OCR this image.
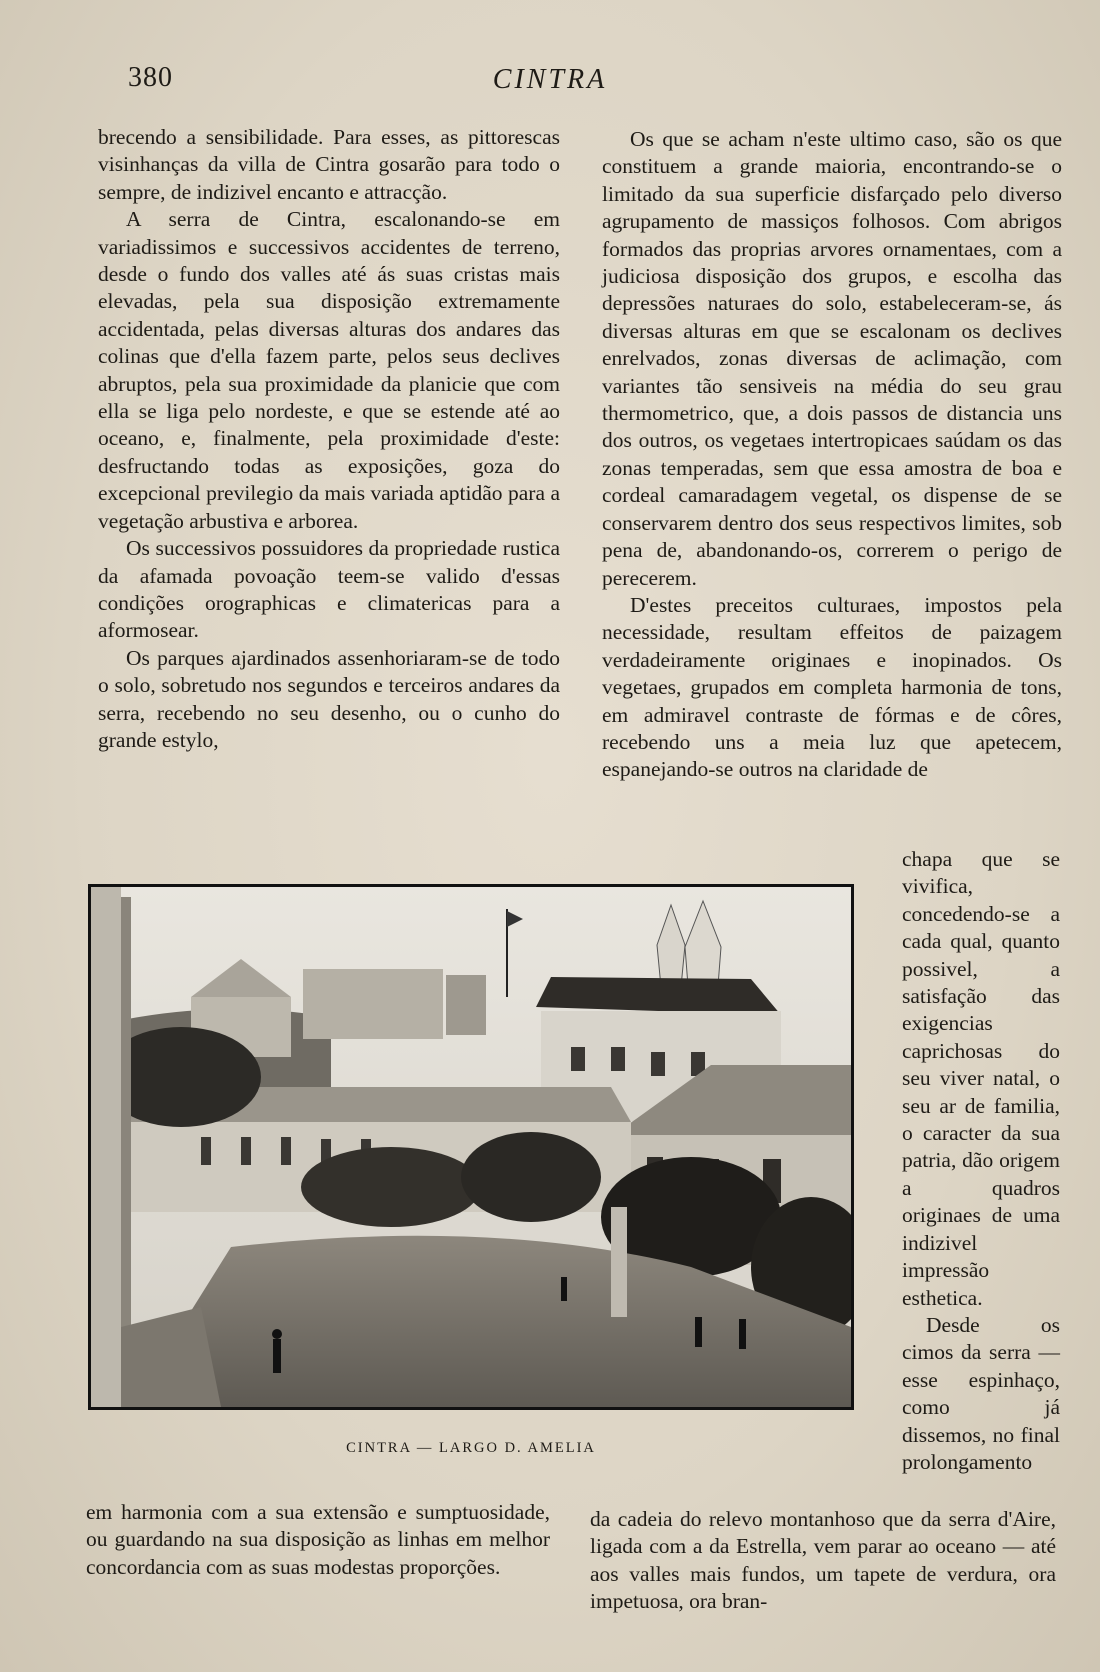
380	CINTRA

brecendo a sensibilidade. Para esses, as pittorescas visinhanças da villa de Cintra gosarão para todo o sempre, de indizivel encanto e attracção.

A serra de Cintra, escalonando-se em variadissimos e successivos accidentes de terreno, desde o fundo dos valles até ás suas cristas mais elevadas, pela sua disposição extremamente accidentada, pelas diversas alturas dos andares das colinas que d'ella fazem parte, pelos seus declives abruptos, pela sua proximidade da planicie que com ella se liga pelo nordeste, e que se estende até ao oceano, e, finalmente, pela proximidade d'este: desfructando todas as exposições, goza do excepcional previlegio da mais variada aptidão para a vegetação arbustiva e arborea.

Os successivos possuidores da propriedade rustica da afamada povoação teem-se valido d'essas condições orographicas e climatericas para a aformosear.

Os parques ajardinados assenhoriaram-se de todo o solo, sobretudo nos segundos e terceiros andares da serra, recebendo no seu desenho, ou o cunho do grande estylo,

Os que se acham n'este ultimo caso, são os que constituem a grande maioria, encontrando-se o limitado da sua superficie disfarçado pelo diverso agrupamento de massiços folhosos. Com abrigos formados das proprias arvores ornamentaes, com a judiciosa disposição dos grupos, e escolha das depressões naturaes do solo, estabeleceram-se, ás diversas alturas em que se escalonam os declives enrelvados, zonas diversas de aclimação, com variantes tão sensiveis na média do seu grau thermometrico, que, a dois passos de distancia uns dos outros, os vegetaes intertropicaes saúdam os das zonas temperadas, sem que essa amostra de boa e cordeal camaradagem vegetal, os dispense de se conservarem dentro dos seus respectivos limites, sob pena de, abandonando-os, correrem o perigo de perecerem.

D'estes preceitos culturaes, impostos pela necessidade, resultam effeitos de paizagem verdadeiramente originaes e inopinados. Os vegetaes, grupados em completa harmonia de tons, em admiravel contraste de fórmas e de côres, recebendo uns a meia luz que apetecem, espanejando-se outros na claridade de

CINTRA — LARGO D. AMELIA

chapa que se vivifica, concedendo-se a cada qual, quanto possivel, a satisfação das exigencias caprichosas do seu viver natal, o seu ar de familia, o caracter da sua patria, dão origem a quadros originaes de uma indizivel impressão esthetica.

Desde os cimos da serra — esse espinhaço, como já dissemos, no final prolongamento

em harmonia com a sua extensão e sumptuosidade, ou guardando na sua disposição as linhas em melhor concordancia com as suas modestas proporções.

da cadeia do relevo montanhoso que da serra d'Aire, ligada com a da Estrella, vem parar ao oceano — até aos valles mais fundos, um tapete de verdura, ora impetuosa, ora bran-
